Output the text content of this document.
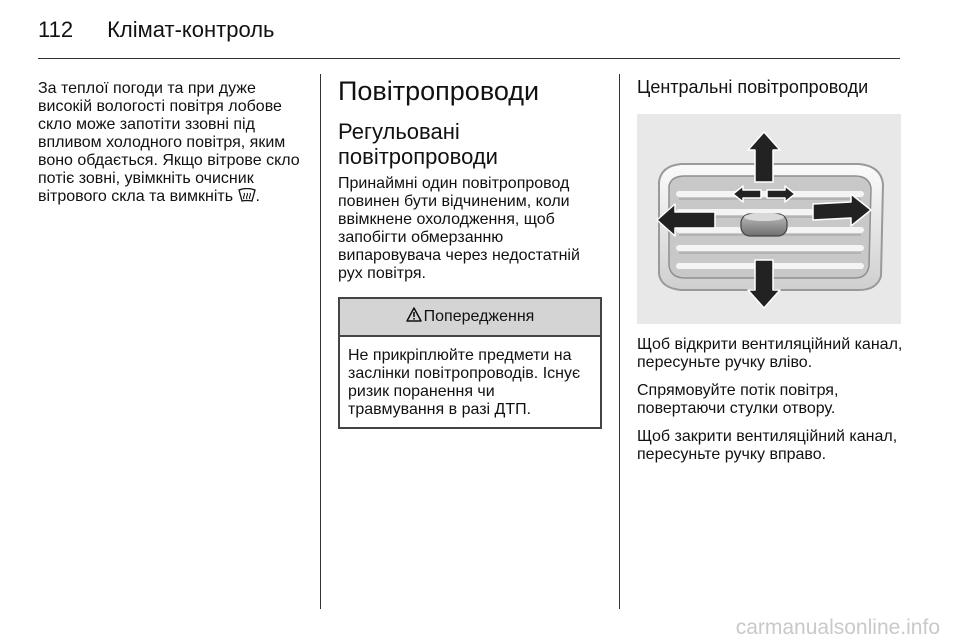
112 Клімат-контроль

За теплої погоди та при дуже високій вологості повітря лобове скло може запотіти ззовні під впливом холодного повітря, яким воно обдається. Якщо вітрове скло потіє зовні, увімкніть очисник вітрового скла та вимкніть .

Повітропроводи
Регульовані повітропроводи

Принаймні один повітропровод повинен бути відчиненим, коли ввімкнене охолодження, щоб запобігти обмерзанню випаровувача через недостатній рух повітря.

Попередження
Не прикріплюйте предмети на заслінки повітропроводів. Існує ризик поранення чи травмування в разі ДТП.
Центральні повітропроводи

Щоб відкрити вентиляційний канал, пересуньте ручку вліво.

Спрямовуйте потік повітря, повертаючи стулки отвору.

Щоб закрити вентиляційний канал, пересуньте ручку вправо.

carmanualsonline.info
